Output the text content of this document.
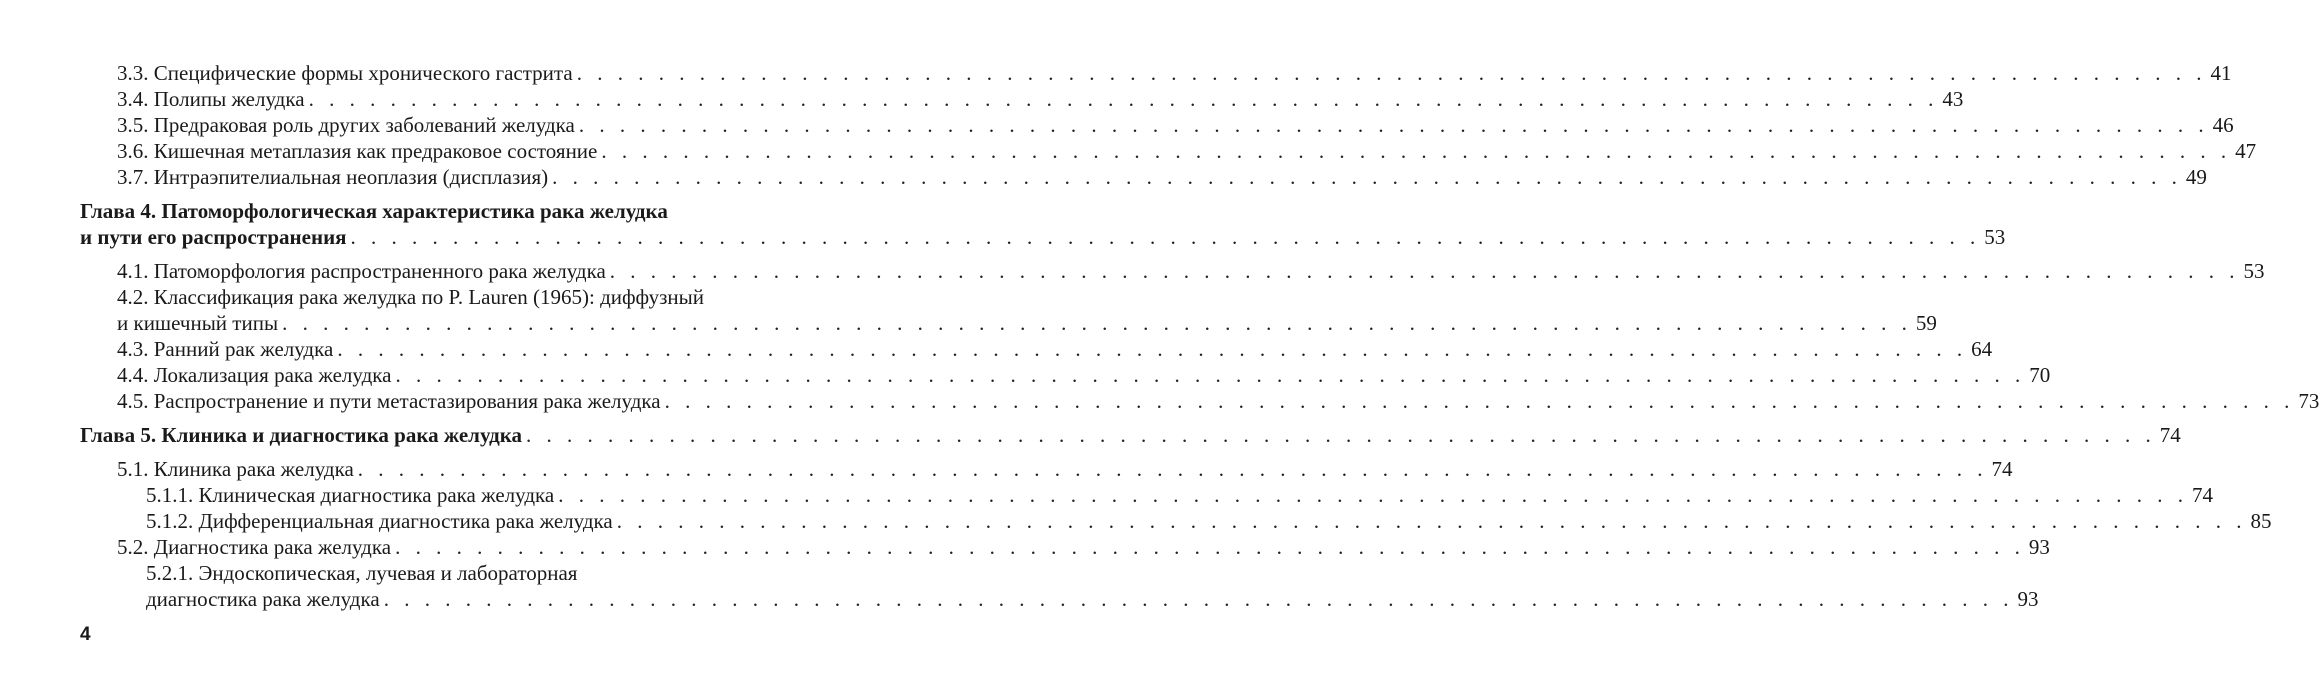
3.3. Специфические формы хронического гастрита . . . . . . . . . . . . . . . . . . . . . . . . . . . . . . . . . . . . . . . . . . . . . . . . . . . . . . . . . . . . . . . . . . . . . . . . . . . . . . . . 41
3.4. Полипы желудка . . . . . . . . . . . . . . . . . . . . . . . . . . . . . . . . . . . . . . . . . . . . . . . . . . . . . . . . . . . . . . . . . . . . . . . . . . . . . . . . 43
3.5. Предраковая роль других заболеваний желудка . . . . . . . . . . . . . . . . . . . . . . . . . . . . . . . . . . . . . . . . . . . . . . . . . . . . . . . . . . . . . . . . . . . . . . . . . . . . . . . . 46
3.6. Кишечная метаплазия как предраковое состояние . . . . . . . . . . . . . . . . . . . . . . . . . . . . . . . . . . . . . . . . . . . . . . . . . . . . . . . . . . . . . . . . . . . . . . . . . . . . . . . . 47
3.7. Интраэпителиальная неоплазия (дисплазия) . . . . . . . . . . . . . . . . . . . . . . . . . . . . . . . . . . . . . . . . . . . . . . . . . . . . . . . . . . . . . . . . . . . . . . . . . . . . . . . . 49
Глава 4. Патоморфологическая характеристика рака желудка
и пути его распространения . . . . . . . . . . . . . . . . . . . . . . . . . . . . . . . . . . . . . . . . . . . . . . . . . . . . . . . . . . . . . . . . . . . . . . . . . . . . . . . . 53
4.1. Патоморфология распространенного рака желудка . . . . . . . . . . . . . . . . . . . . . . . . . . . . . . . . . . . . . . . . . . . . . . . . . . . . . . . . . . . . . . . . . . . . . . . . . . . . . . . . 53
4.2. Классификация рака желудка по P. Lauren (1965): диффузный
и кишечный типы . . . . . . . . . . . . . . . . . . . . . . . . . . . . . . . . . . . . . . . . . . . . . . . . . . . . . . . . . . . . . . . . . . . . . . . . . . . . . . . . 59
4.3. Ранний рак желудка . . . . . . . . . . . . . . . . . . . . . . . . . . . . . . . . . . . . . . . . . . . . . . . . . . . . . . . . . . . . . . . . . . . . . . . . . . . . . . . . 64
4.4. Локализация рака желудка . . . . . . . . . . . . . . . . . . . . . . . . . . . . . . . . . . . . . . . . . . . . . . . . . . . . . . . . . . . . . . . . . . . . . . . . . . . . . . . . 70
4.5. Распространение и пути метастазирования рака желудка . . . . . . . . . . . . . . . . . . . . . . . . . . . . . . . . . . . . . . . . . . . . . . . . . . . . . . . . . . . . . . . . . . . . . . . . . . . . . . . . 73
Глава 5. Клиника и диагностика рака желудка . . . . . . . . . . . . . . . . . . . . . . . . . . . . . . . . . . . . . . . . . . . . . . . . . . . . . . . . . . . . . . . . . . . . . . . . . . . . . . . . 74
5.1. Клиника рака желудка . . . . . . . . . . . . . . . . . . . . . . . . . . . . . . . . . . . . . . . . . . . . . . . . . . . . . . . . . . . . . . . . . . . . . . . . . . . . . . . . 74
5.1.1. Клиническая диагностика рака желудка . . . . . . . . . . . . . . . . . . . . . . . . . . . . . . . . . . . . . . . . . . . . . . . . . . . . . . . . . . . . . . . . . . . . . . . . . . . . . . . . 74
5.1.2. Дифференциальная диагностика рака желудка . . . . . . . . . . . . . . . . . . . . . . . . . . . . . . . . . . . . . . . . . . . . . . . . . . . . . . . . . . . . . . . . . . . . . . . . . . . . . . . . 85
5.2. Диагностика рака желудка . . . . . . . . . . . . . . . . . . . . . . . . . . . . . . . . . . . . . . . . . . . . . . . . . . . . . . . . . . . . . . . . . . . . . . . . . . . . . . . . 93
5.2.1. Эндоскопическая, лучевая и лабораторная
диагностика рака желудка . . . . . . . . . . . . . . . . . . . . . . . . . . . . . . . . . . . . . . . . . . . . . . . . . . . . . . . . . . . . . . . . . . . . . . . . . . . . . . . . 93
4
